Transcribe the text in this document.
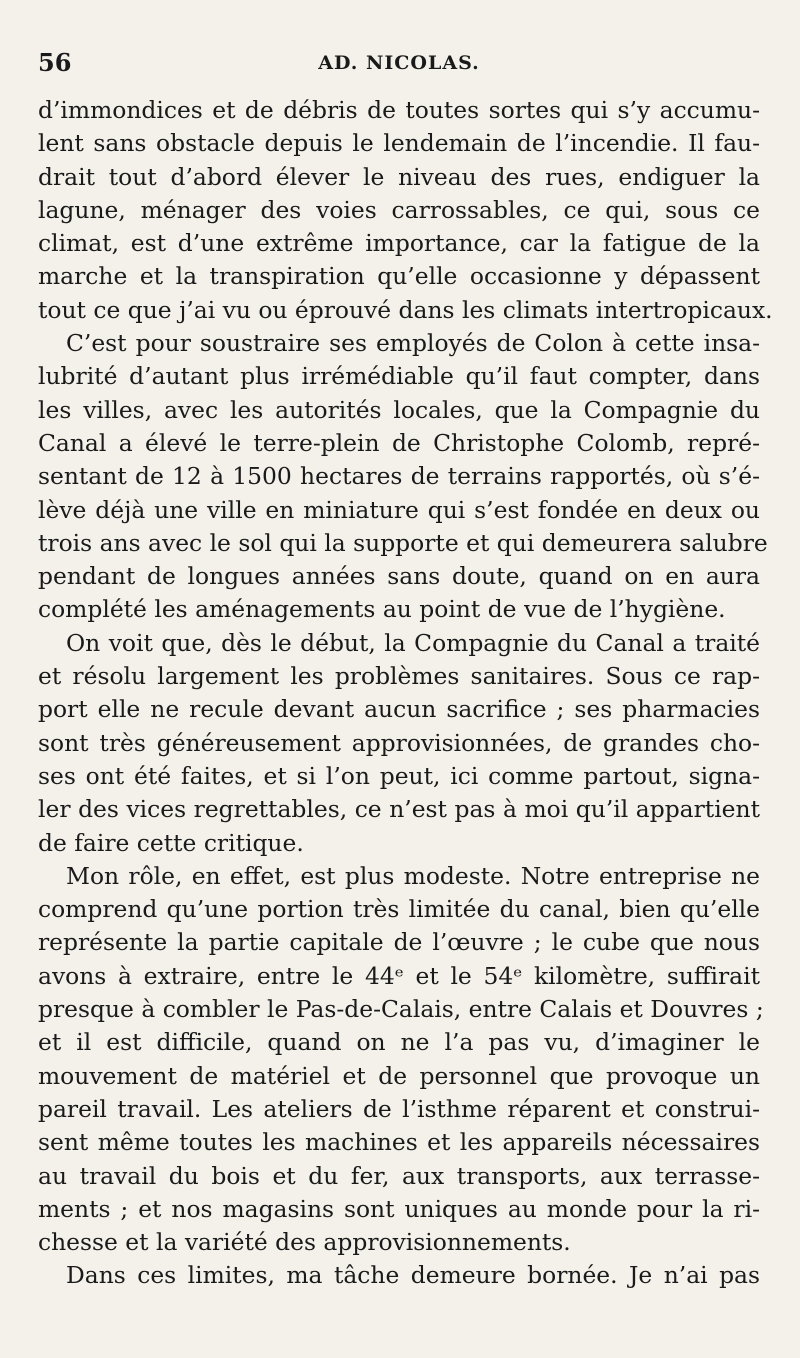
56	AD. NICOLAS.
d’immondices et de débris de toutes sortes qui s’y accumu-
lent sans obstacle depuis le lendemain de l’incendie. Il fau-
drait tout d’abord élever le niveau des rues, endiguer la
lagune, ménager des voies carrossables, ce qui, sous ce
climat, est d’une extrême importance, car la fatigue de la
marche et la transpiration qu’elle occasionne y dépassent
tout ce que j’ai vu ou éprouvé dans les climats intertropicaux.
C’est pour soustraire ses employés de Colon à cette insa-
lubrité d’autant plus irrémédiable qu’il faut compter, dans
les villes, avec les autorités locales, que la Compagnie du
Canal a élevé le terre-plein de Christophe Colomb, repré-
sentant de 12 à 1500 hectares de terrains rapportés, où s’é-
lève déjà une ville en miniature qui s’est fondée en deux ou
trois ans avec le sol qui la supporte et qui demeurera salubre
pendant de longues années sans doute, quand on en aura
complété les aménagements au point de vue de l’hygiène.
On voit que, dès le début, la Compagnie du Canal a traité
et résolu largement les problèmes sanitaires. Sous ce rap-
port elle ne recule devant aucun sacrifice ; ses pharmacies
sont très généreusement approvisionnées, de grandes cho-
ses ont été faites, et si l’on peut, ici comme partout, signa-
ler des vices regrettables, ce n’est pas à moi qu’il appartient
de faire cette critique.
Mon rôle, en effet, est plus modeste. Notre entreprise ne
comprend qu’une portion très limitée du canal, bien qu’elle
représente la partie capitale de l’œuvre ; le cube que nous
avons à extraire, entre le 44ᵉ et le 54ᵉ kilomètre, suffirait
presque à combler le Pas-de-Calais, entre Calais et Douvres ;
et il est difficile, quand on ne l’a pas vu, d’imaginer le
mouvement de matériel et de personnel que provoque un
pareil travail. Les ateliers de l’isthme réparent et construi-
sent même toutes les machines et les appareils nécessaires
au travail du bois et du fer, aux transports, aux terrasse-
ments ; et nos magasins sont uniques au monde pour la ri-
chesse et la variété des approvisionnements.
Dans ces limites, ma tâche demeure bornée. Je n’ai pas
